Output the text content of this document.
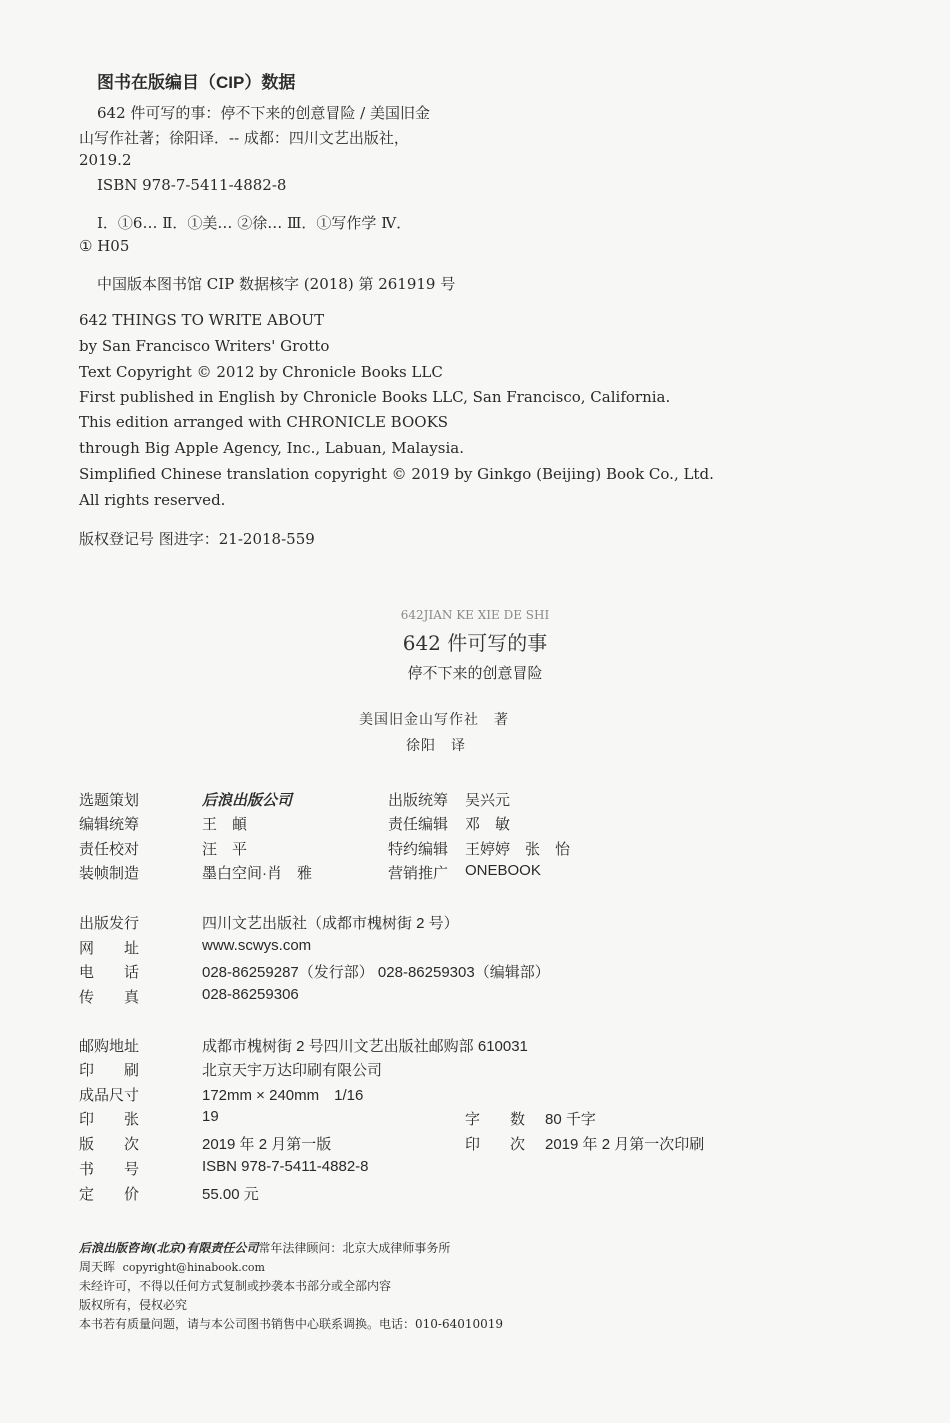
图书在版编目（CIP）数据
642 件可写的事：停不下来的创意冒险 / 美国旧金
山写作社著；徐阳译．-- 成都：四川文艺出版社，
2019.2
ISBN 978-7-5411-4882-8
Ⅰ．①6… Ⅱ．①美… ②徐… Ⅲ．①写作学 Ⅳ．
① H05
中国版本图书馆 CIP 数据核字 (2018) 第 261919 号
642 THINGS TO WRITE ABOUT
by San Francisco Writers' Grotto
Text Copyright © 2012 by Chronicle Books LLC
First published in English by Chronicle Books LLC, San Francisco, California.
This edition arranged with CHRONICLE BOOKS
through Big Apple Agency, Inc., Labuan, Malaysia.
Simplified Chinese translation copyright © 2019 by Ginkgo (Beijing) Book Co., Ltd.
All rights reserved.
版权登记号 图进字：21-2018-559
642JIAN KE XIE DE SHI
642 件可写的事
停不下来的创意冒险
美国旧金山写作社　著
徐阳　译
选题策划	后浪出版公司	出版统筹 吴兴元
编辑统筹	王　頔	责任编辑 邓　敏
责任校对	汪　平	特约编辑 王婷婷　张　怡
装帧制造	墨白空间·肖　雅	营销推广 ONEBOOK
出版发行	四川文艺出版社（成都市槐树街 2 号）
网　　址	www.scwys.com
电　　话	028-86259287（发行部） 028-86259303（编辑部）
传　　真	028-86259306
邮购地址	成都市槐树街 2 号四川文艺出版社邮购部 610031
印　　刷	北京天宇万达印刷有限公司
成品尺寸	172mm × 240mm　1/16
印　　张	19	字　　数 80 千字
版　　次	2019 年 2 月第一版	印　　次 2019 年 2 月第一次印刷
书　　号	ISBN 978-7-5411-4882-8
定　　价	55.00 元
后浪出版咨询(北京)有限责任公司常年法律顾问：北京大成律师事务所
周天晖 copyright@hinabook.com
未经许可，不得以任何方式复制或抄袭本书部分或全部内容
版权所有，侵权必究
本书若有质量问题，请与本公司图书销售中心联系调换。电话：010-64010019
